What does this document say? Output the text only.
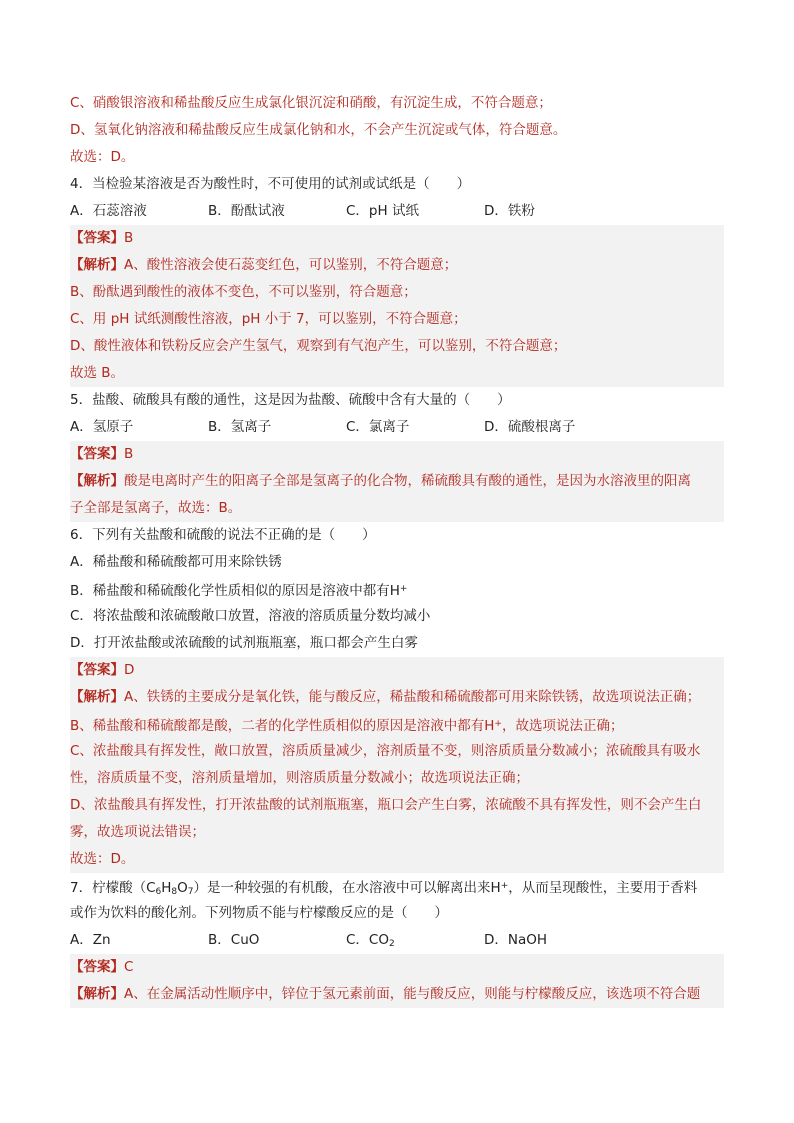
C、硝酸银溶液和稀盐酸反应生成氯化银沉淀和硝酸，有沉淀生成，不符合题意；
D、氢氧化钠溶液和稀盐酸反应生成氯化钠和水，不会产生沉淀或气体，符合题意。
故选：D。
4．当检验某溶液是否为酸性时，不可使用的试剂或试纸是（　　）
A．石蕊溶液	B．酚酞试液	C．pH 试纸	D．铁粉
【答案】B
【解析】A、酸性溶液会使石蕊变红色，可以鉴别，不符合题意；
B、酚酞遇到酸性的液体不变色，不可以鉴别，符合题意；
C、用 pH 试纸测酸性溶液，pH 小于 7，可以鉴别，不符合题意；
D、酸性液体和铁粉反应会产生氢气，观察到有气泡产生，可以鉴别，不符合题意；
故选 B。
5．盐酸、硫酸具有酸的通性，这是因为盐酸、硫酸中含有大量的（　　）
A．氢原子	B．氢离子	C．氯离子	D．硫酸根离子
【答案】B
【解析】酸是电离时产生的阳离子全部是氢离子的化合物，稀硫酸具有酸的通性，是因为水溶液里的阳离
子全部是氢离子，故选：B。
6．下列有关盐酸和硫酸的说法不正确的是（　　）
A．稀盐酸和稀硫酸都可用来除铁锈
B．稀盐酸和稀硫酸化学性质相似的原因是溶液中都有H+
C．将浓盐酸和浓硫酸敞口放置，溶液的溶质质量分数均减小
D．打开浓盐酸或浓硫酸的试剂瓶瓶塞，瓶口都会产生白雾
【答案】D
【解析】A、铁锈的主要成分是氧化铁，能与酸反应，稀盐酸和稀硫酸都可用来除铁锈，故选项说法正确；
B、稀盐酸和稀硫酸都是酸，二者的化学性质相似的原因是溶液中都有H+，故选项说法正确；
C、浓盐酸具有挥发性，敞口放置，溶质质量减少，溶剂质量不变，则溶质质量分数减小；浓硫酸具有吸水
性，溶质质量不变，溶剂质量增加，则溶质质量分数减小；故选项说法正确；
D、浓盐酸具有挥发性，打开浓盐酸的试剂瓶瓶塞，瓶口会产生白雾，浓硫酸不具有挥发性，则不会产生白
雾，故选项说法错误；
故选：D。
7．柠檬酸$(C_6H_8O_7)$是一种较强的有机酸，在水溶液中可以解离出来H+，从而呈现酸性，主要用于香料
或作为饮料的酸化剂。下列物质不能与柠檬酸反应的是（　　）
A．Zn	B．CuO	C．$CO_2$	D．NaOH
【答案】C
【解析】A、在金属活动性顺序中，锌位于氢元素前面，能与酸反应，则能与柠檬酸反应，该选项不符合题
